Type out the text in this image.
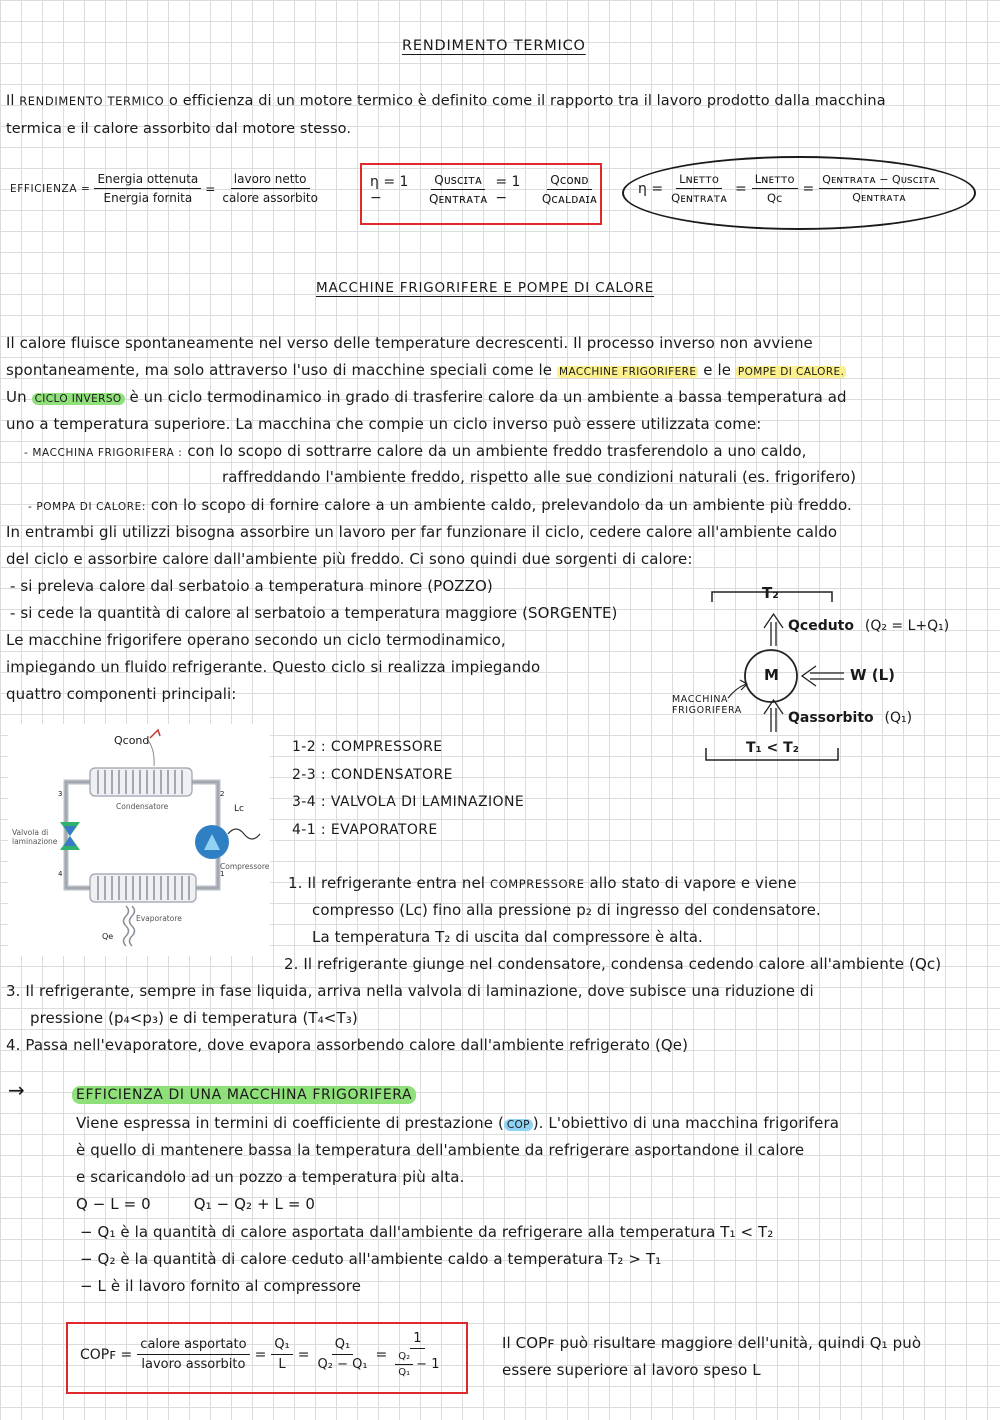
RENDIMENTO TERMICO
Il RENDIMENTO TERMICO o efficienza di un motore termico è definito come il rapporto tra il lavoro prodotto dalla macchina
termica e il calore assorbito dal motore stesso.
EFFICIENZA = $\frac{\text{Energia ottenuta}}{\text{Energia fornita}} = \frac{\text{lavoro netto}}{\text{calore assorbito}}$	η = 1 −	$\frac{\text{Qᴜsᴄɪᴛᴀ}}{\text{Qᴇɴᴛʀᴀᴛᴀ}} = 1$ −	$\frac{\text{Qᴄᴏɴᴅ}}{\text{Qᴄᴀʟᴅᴀɪᴀ}}$	$\eta = \frac{\text{Lɴᴇᴛᴛᴏ}}{\text{Qᴇɴᴛʀᴀᴛᴀ}} = \frac{\text{Lɴᴇᴛᴛᴏ}}{Qc} = \frac{\text{Qᴇɴᴛʀᴀᴛᴀ − Qᴜsᴄɪᴛᴀ}}{\text{Qᴇɴᴛʀᴀᴛᴀ}}$
MACCHINE FRIGORIFERE E POMPE DI CALORE
Il calore fluisce spontaneamente nel verso delle temperature decrescenti. Il processo inverso non avviene
spontaneamente, ma solo attraverso l'uso di macchine speciali come le MACCHINE FRIGORIFERE e le POMPE DI CALORE.
Un CICLO INVERSO è un ciclo termodinamico in grado di trasferire calore da un ambiente a bassa temperatura ad
uno a temperatura superiore. La macchina che compie un ciclo inverso può essere utilizzata come:
- MACCHINA FRIGORIFERA : con lo scopo di sottrarre calore da un ambiente freddo trasferendolo a uno caldo,
raffreddando l'ambiente freddo, rispetto alle sue condizioni naturali (es. frigorifero)
- POMPA DI CALORE: con lo scopo di fornire calore a un ambiente caldo, prelevandolo da un ambiente più freddo.
In entrambi gli utilizzi bisogna assorbire un lavoro per far funzionare il ciclo, cedere calore all'ambiente caldo
del ciclo e assorbire calore dall'ambiente più freddo. Ci sono quindi due sorgenti di calore:
- si preleva calore dal serbatoio a temperatura minore (POZZO)
- si cede la quantità di calore al serbatoio a temperatura maggiore (SORGENTE)
Le macchine frigorifere operano secondo un ciclo termodinamico,
impiegando un fluido refrigerante. Questo ciclo si realizza impiegando
quattro componenti principali:
T₂
Qceduto (Q₂ = L+Q₁)
M	W (L)
MACCHINA
FRIGORIFERA	Qassorbito (Q₁)
T₁ < T₂
Qcond
Condensatore
Valvola di
laminazione
Compressore
Lc
Evaporatore
Qe
1
2
3
4
1-2 : COMPRESSORE
2-3 : CONDENSATORE
3-4 : VALVOLA DI LAMINAZIONE
4-1 : EVAPORATORE
1. Il refrigerante entra nel COMPRESSORE allo stato di vapore e viene
compresso (Lc) fino alla pressione p₂ di ingresso del condensatore.
La temperatura T₂ di uscita dal compressore è alta.
2. Il refrigerante giunge nel condensatore, condensa cedendo calore all'ambiente (Qc)
3. Il refrigerante, sempre in fase liquida, arriva nella valvola di laminazione, dove subisce una riduzione di
pressione (p₄<p₃) e di temperatura (T₄<T₃)
4. Passa nell'evaporatore, dove evapora assorbendo calore dall'ambiente refrigerato (Qe)
→	EFFICIENZA DI UNA MACCHINA FRIGORIFERA
Viene espressa in termini di coefficiente di prestazione ( COP ). L'obiettivo di una macchina frigorifera
è quello di mantenere bassa la temperatura dell'ambiente da refrigerare asportandone il calore
e scaricandolo ad un pozzo a temperatura più alta.
Q − L = 0	Q₁ − Q₂ + L = 0
− Q₁ è la quantità di calore asportata dall'ambiente da refrigerare alla temperatura T₁ < T₂
− Q₂ è la quantità di calore ceduto all'ambiente caldo a temperatura T₂ > T₁
− L è il lavoro fornito al compressore
COPꜰ = $\frac{\text{calore asportato}}{\text{lavoro assorbito}} = \frac{\text{Q₁}}{L} = \frac{\text{Q₁}}{\text{Q₂ − Q₁}} = \frac{1}{\frac{\text{Q₂}}{\text{Q₁}} - 1}$	Il COPꜰ può risultare maggiore dell'unità, quindi Q₁ può
essere superiore al lavoro speso L
